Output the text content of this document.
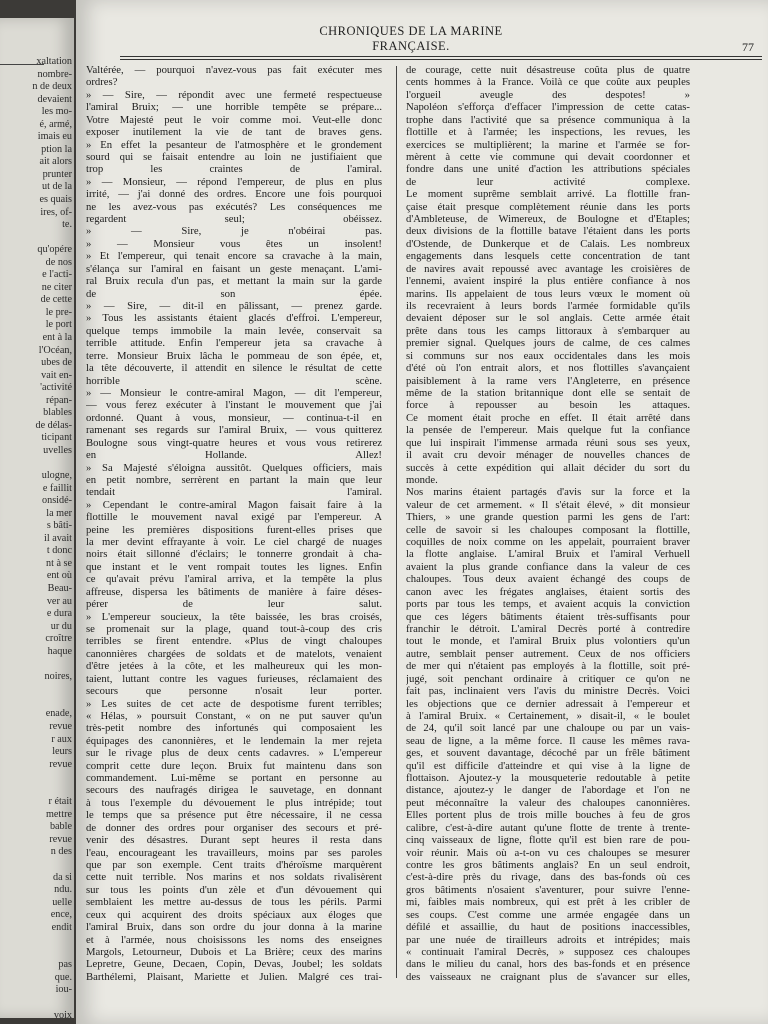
xaltation
nombre-
n de deux
devaient
les mo-
é, armé,
imais eu
ption la
ait alors
prunter
ut de la
es quais
ires, of-
te.

qu'opére
de nos
e l'acti-
ne citer
de cette
le pre-
le port
ent à la
l'Océan,
ubes de
vait en-
'activité
répan-
blables
de délas-
ticipant
uvelles

ulogne,
e faillit
onsidé-
la mer
s bâti-
il avait
t donc
nt à se
ent où
Beau-
ver au
e dura
ur du
croître
haque

noires,

enade,
revue
r aux
leurs
revue

r était
mettre
bable
revue
n des

da si
ndu.
uelle
ence,
endit

pas
que.
iou-

voix
CHRONIQUES DE LA MARINE FRANÇAISE.	77
Valtérée, — pourquoi n'avez-vous pas fait exécuter mes
ordres?
» — Sire, — répondit avec une fermeté respectueuse
l'amiral Bruix; — une horrible tempête se prépare...
Votre Majesté peut le voir comme moi. Veut-elle donc
exposer inutilement la vie de tant de braves gens.
» En effet la pesanteur de l'atmosphère et le grondement
sourd qui se faisait entendre au loin ne justifiaient que
trop les craintes de l'amiral.
» — Monsieur, — répond l'empereur, de plus en plus
irrité, — j'ai donné des ordres. Encore une fois pourquoi
ne les avez-vous pas exécutés? Les conséquences me
regardent seul; obéissez.
» — Sire, je n'obéirai pas.
» — Monsieur vous êtes un insolent!
» Et l'empereur, qui tenait encore sa cravache à la main,
s'élança sur l'amiral en faisant un geste menaçant. L'ami-
ral Bruix recula d'un pas, et mettant la main sur la garde
de son épée.
» — Sire, — dit-il en pâlissant, — prenez garde.
» Tous les assistants étaient glacés d'effroi. L'empereur,
quelque temps immobile la main levée, conservait sa
terrible attitude. Enfin l'empereur jeta sa cravache à
terre. Monsieur Bruix lâcha le pommeau de son épée, et,
la tête découverte, il attendit en silence le résultat de cette
horrible scène.
» — Monsieur le contre-amiral Magon, — dit l'empereur,
— vous ferez exécuter à l'instant le mouvement que j'ai
ordonné. Quant à vous, monsieur, — continua-t-il en
ramenant ses regards sur l'amiral Bruix, — vous quitterez
Boulogne sous vingt-quatre heures et vous vous retirerez
en Hollande. Allez!
» Sa Majesté s'éloigna aussitôt. Quelques officiers, mais
en petit nombre, serrèrent en partant la main que leur
tendait l'amiral.
» Cependant le contre-amiral Magon faisait faire à la
flottille le mouvement naval exigé par l'empereur. A
peine les premières dispositions furent-elles prises que
la mer devint effrayante à voir. Le ciel chargé de nuages
noirs était sillonné d'éclairs; le tonnerre grondait à cha-
que instant et le vent rompait toutes les lignes. Enfin
ce qu'avait prévu l'amiral arriva, et la tempête la plus
affreuse, dispersa les bâtiments de manière à faire déses-
pérer de leur salut.
» L'empereur soucieux, la tête baissée, les bras croisés,
se promenait sur la plage, quand tout-à-coup des cris
terribles se firent entendre. «Plus de vingt chaloupes
canonnières chargées de soldats et de matelots, venaient
d'être jetées à la côte, et les malheureux qui les mon-
taient, luttant contre les vagues furieuses, réclamaient des
secours que personne n'osait leur porter.
» Les suites de cet acte de despotisme furent terribles;
« Hélas, » poursuit Constant, « on ne put sauver qu'un
très-petit nombre des infortunés qui composaient les
équipages des canonnières, et le lendemain la mer rejeta
sur le rivage plus de deux cents cadavres. » L'empereur
comprit cette dure leçon. Bruix fut maintenu dans son
commandement. Lui-même se portant en personne au
secours des naufragés dirigea le sauvetage, en donnant
à tous l'exemple du dévouement le plus intrépide; tout
le temps que sa présence put être nécessaire, il ne cessa
de donner des ordres pour organiser des secours et pré-
venir des désastres. Durant sept heures il resta dans
l'eau, encourageant les travailleurs, moins par ses paroles
que par son exemple. Cent traits d'héroïsme marquèrent
cette nuit terrible. Nos marins et nos soldats rivalisèrent
sur tous les points d'un zèle et d'un dévouement qui
semblaient les mettre au-dessus de tous les périls. Parmi
ceux qui acquirent des droits spéciaux aux éloges que
l'amiral Bruix, dans son ordre du jour donna à la marine
et à l'armée, nous choisissons les noms des enseignes
Margols, Letourneur, Dubois et La Brière; ceux des marins
Lepretre, Geune, Decaen, Copin, Devas, Joubel; les soldats
Barthélemi, Plaisant, Mariette et Julien. Malgré ces trai-
de courage, cette nuit désastreuse coûta plus de quatre
cents hommes à la France. Voilà ce que coûte aux peuples
l'orgueil aveugle des despotes! »
Napoléon s'efforça d'effacer l'impression de cette catas-
trophe dans l'activité que sa présence communiqua à la
flottille et à l'armée; les inspections, les revues, les
exercices se multiplièrent; la marine et l'armée se for-
mèrent à cette vie commune qui devait coordonner et
fondre dans une unité d'action les attributions spéciales
de leur activité complexe.
Le moment suprême semblait arrivé. La flottille fran-
çaise était presque complètement réunie dans les ports
d'Ambleteuse, de Wimereux, de Boulogne et d'Etaples;
deux divisions de la flottille batave l'étaient dans les ports
d'Ostende, de Dunkerque et de Calais. Les nombreux
engagements dans lesquels cette concentration de tant
de navires avait repoussé avec avantage les croisières de
l'ennemi, avaient inspiré la plus entière confiance à nos
marins. Ils appelaient de tous leurs vœux le moment où
ils recevraient à leurs bords l'armée formidable qu'ils
devaient déposer sur le sol anglais. Cette armée était
prête dans tous les camps littoraux à s'embarquer au
premier signal. Quelques jours de calme, de ces calmes
si communs sur nos eaux occidentales dans les mois
d'été où l'on entrait alors, et nos flottilles s'avançaient
paisiblement à la rame vers l'Angleterre, en présence
même de la station britannique dont elle se sentait de
force à repousser au besoin les attaques.
Ce moment était proche en effet. Il était arrêté dans
la pensée de l'empereur. Mais quelque fut la confiance
que lui inspirait l'immense armada réuni sous ses yeux,
il avait cru devoir ménager de nouvelles chances de
succès à cette expédition qui allait décider du sort du
monde.
Nos marins étaient partagés d'avis sur la force et la
valeur de cet armement. « Il s'était élevé, » dit monsieur
Thiers, » une grande question parmi les gens de l'art:
celle de savoir si les chaloupes composant la flottille,
coquilles de noix comme on les appelait, pourraient braver
la flotte anglaise. L'amiral Bruix et l'amiral Verhuell
avaient la plus grande confiance dans la valeur de ces
chaloupes. Tous deux avaient échangé des coups de
canon avec les frégates anglaises, étaient sortis des
ports par tous les temps, et avaient acquis la conviction
que ces légers bâtiments étaient très-suffisants pour
franchir le détroit. L'amiral Decrès porté à contredire
tout le monde, et l'amiral Bruix plus volontiers qu'un
autre, semblait penser autrement. Ceux de nos officiers
de mer qui n'étaient pas employés à la flottille, soit pré-
jugé, soit penchant ordinaire à critiquer ce qu'on ne
fait pas, inclinaient vers l'avis du ministre Decrès. Voici
les objections que ce dernier adressait à l'empereur et
à l'amiral Bruix. « Certainement, » disait-il, « le boulet
de 24, qu'il soit lancé par une chaloupe ou par un vais-
seau de ligne, a la même force. Il cause les mêmes rava-
ges, et souvent davantage, décoché par un frêle bâtiment
qu'il est difficile d'atteindre et qui vise à la ligne de
flottaison. Ajoutez-y la mousqueterie redoutable à petite
distance, ajoutez-y le danger de l'abordage et l'on ne
peut méconnaître la valeur des chaloupes canonnières.
Elles portent plus de trois mille bouches à feu de gros
calibre, c'est-à-dire autant qu'une flotte de trente à trente-
cinq vaisseaux de ligne, flotte qu'il est bien rare de pou-
voir réunir. Mais où a-t-on vu ces chaloupes se mesurer
contre les gros bâtiments anglais? En un seul endroit,
c'est-à-dire près du rivage, dans des bas-fonds où ces
gros bâtiments n'osaient s'aventurer, pour suivre l'enne-
mi, faibles mais nombreux, qui est prêt à les cribler de
ses coups. C'est comme une armée engagée dans un
défilé et assaillie, du haut de positions inaccessibles,
par une nuée de tirailleurs adroits et intrépides; mais
« continuait l'amiral Decrès, » supposez ces chaloupes
dans le milieu du canal, hors des bas-fonds et en présence
des vaisseaux ne craignant plus de s'avancer sur elles,
